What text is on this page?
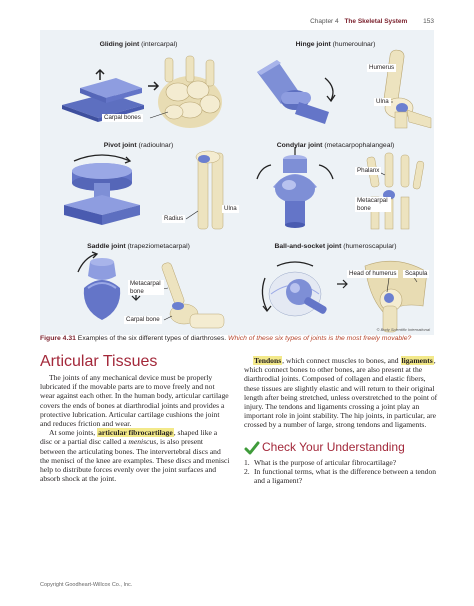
Chapter 4 The Skeletal System 153
Gliding joint (intercarpal)
Carpal bones
Hinge joint (humeroulnar)
Humerus
Ulna
Pivot joint (radioulnar)
Radius
Ulna
Condylar joint (metacarpophalangeal)
Phalanx
Metacarpal bone
Saddle joint (trapeziometacarpal)
Metacarpal bone
Carpal bone
Ball-and-socket joint (humeroscapular)
Head of humerus	Scapula
© Body Scientific International
Figure 4.31 Examples of the six different types of diarthroses. Which of these six types of joints is the most freely movable?
Articular Tissues

The joints of any mechanical device must be properly lubricated if the movable parts are to move freely and not wear against each other. In the human body, articular cartilage covers the ends of bones at diarthrodial joints and provides a protective lubrication. Articular cartilage cushions the joint and reduces friction and wear.

At some joints, articular fibrocartilage, shaped like a disc or a partial disc called a meniscus, is also present between the articulating bones. The intervertebral discs and the menisci of the knee are examples. These discs and menisci help to distribute forces evenly over the joint surfaces and absorb shock at the joint.

Tendons, which connect muscles to bones, and ligaments, which connect bones to other bones, are also present at the diarthrodial joints. Composed of collagen and elastic fibers, these tissues are slightly elastic and will return to their original length after being stretched, unless overstretched to the point of injury. The tendons and ligaments crossing a joint play an important role in joint stability. The hip joints, in particular, are crossed by a number of large, strong tendons and ligaments.

Check Your Understanding
1. What is the purpose of articular fibrocartilage?
2. In functional terms, what is the difference between a tendon and a ligament?
Copyright Goodheart-Willcox Co., Inc.
